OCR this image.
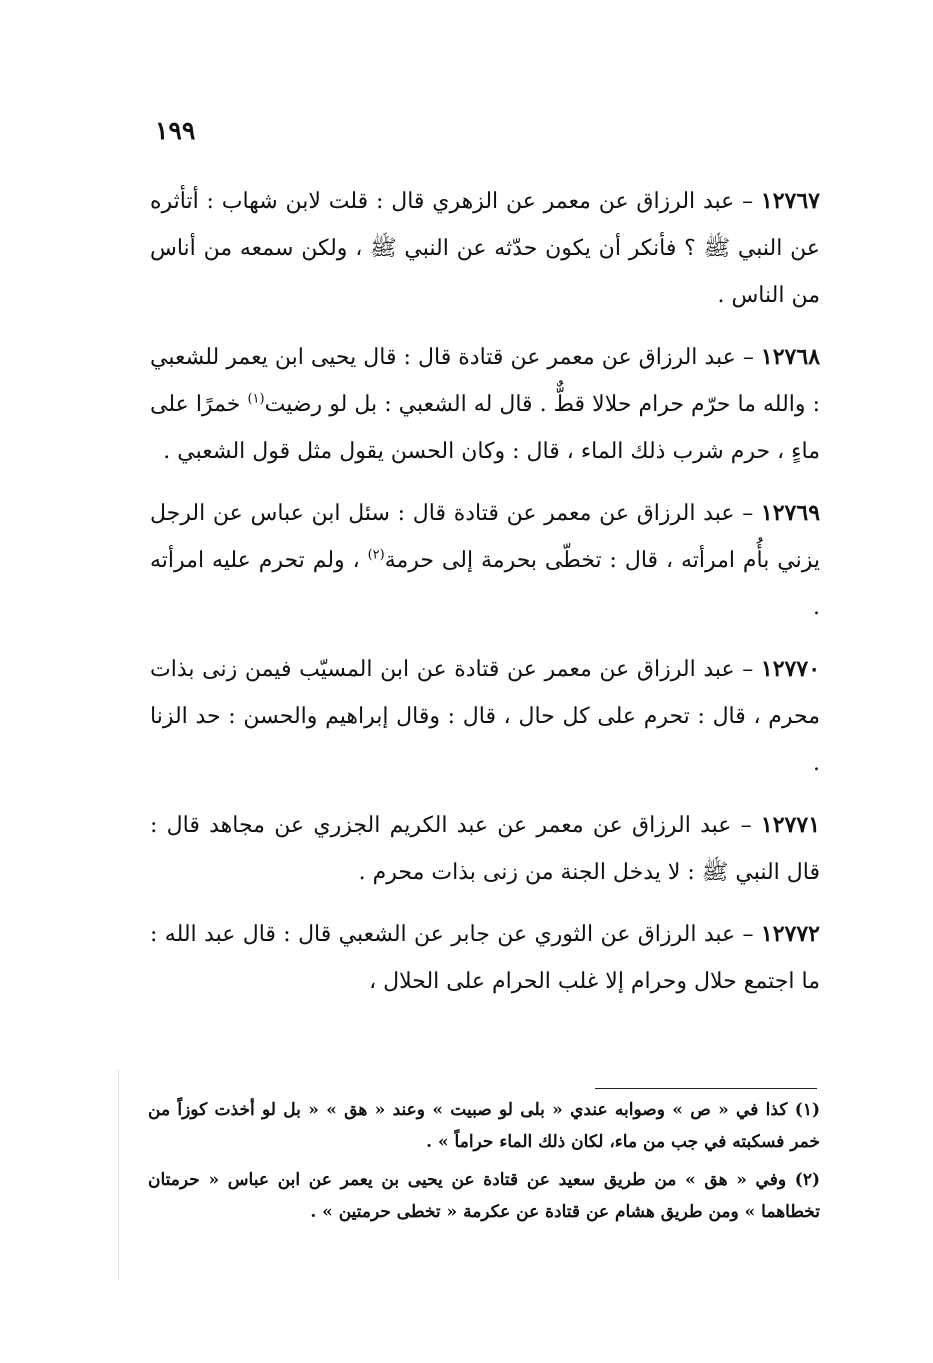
١٩٩

١٢٧٦٧ – عبد الرزاق عن معمر عن الزهري قال : قلت لابن شهاب : أتأثره عن النبي ﷺ ؟ فأنكر أن يكون حدّثه عن النبي ﷺ ، ولكن سمعه من أناس من الناس .

١٢٧٦٨ – عبد الرزاق عن معمر عن قتادة قال : قال يحيى ابن يعمر للشعبي : والله ما حرّم حرام حلالا قطٌّ . قال له الشعبي : بل لو رضيت$^{(١)}$ خمرًا على ماءٍ ، حرم شرب ذلك الماء ، قال : وكان الحسن يقول مثل قول الشعبي .

١٢٧٦٩ – عبد الرزاق عن معمر عن قتادة قال : سئل ابن عباس عن الرجل يزني بأُم امرأته ، قال : تخطّى بحرمة إلى حرمة$^{(٢)}$ ، ولم تحرم عليه امرأته .

١٢٧٧٠ – عبد الرزاق عن معمر عن قتادة عن ابن المسيّب فيمن زنى بذات محرم ، قال : تحرم على كل حال ، قال : وقال إبراهيم والحسن : حد الزنا .

١٢٧٧١ – عبد الرزاق عن معمر عن عبد الكريم الجزري عن مجاهد قال : قال النبي ﷺ : لا يدخل الجنة من زنى بذات محرم .

١٢٧٧٢ – عبد الرزاق عن الثوري عن جابر عن الشعبي قال : قال عبد الله : ما اجتمع حلال وحرام إلا غلب الحرام على الحلال ،

(١) كذا في « ص » وصوابه عندي « بلى لو صبيت » وعند « هق » « بل لو أخذت كوزاً من خمر فسكبته في جب من ماء، لكان ذلك الماء حراماً » .

(٢) وفي « هق » من طريق سعيد عن قتادة عن يحيى بن يعمر عن ابن عباس « حرمتان تخطاهما » ومن طريق هشام عن قتادة عن عكرمة « تخطى حرمتين » .
